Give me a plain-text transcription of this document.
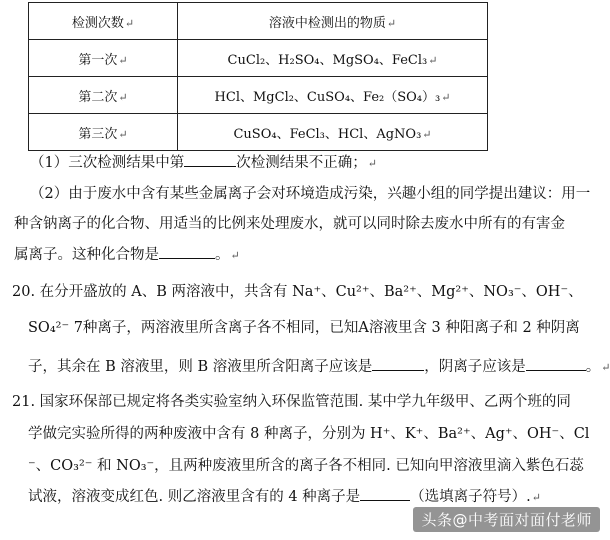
检测次数↵	溶液中检测出的物质↵
第一次↵	CuCl₂、H₂SO₄、MgSO₄、FeCl₃↵
第二次↵	HCl、MgCl₂、CuSO₄、Fe₂（SO₄）₃↵
第三次↵	CuSO₄、FeCl₃、HCl、AgNO₃↵
（1）三次检测结果中第	次检测结果不正确；↵
（2）由于废水中含有某些金属离子会对环境造成污染，兴趣小组的同学提出建议：用一
种含钠离子的化合物、用适当的比例来处理废水，就可以同时除去废水中所有的有害金
属离子。这种化合物是	。↵
20. 在分开盛放的 A、B 两溶液中，共含有 Na⁺、Cu²⁺、Ba²⁺、Mg²⁺、NO₃⁻、OH⁻、
SO₄²⁻ 7种离子，两溶液里所含离子各不相同，已知A溶液里含 3 种阳离子和 2 种阴离
子，其余在 B 溶液里，则 B 溶液里所含阳离子应该是	，阴离子应该是	。↵
21. 国家环保部已规定将各类实验室纳入环保监管范围. 某中学九年级甲、乙两个班的同
学做完实验所得的两种废液中含有 8 种离子，分别为 H⁺、K⁺、Ba²⁺、Ag⁺、OH⁻、Cl
⁻、CO₃²⁻ 和 NO₃⁻，且两种废液里所含的离子各不相同. 已知向甲溶液里滴入紫色石蕊
试液，溶液变成红色. 则乙溶液里含有的 4 种离子是	（选填离子符号）.↵
头条@中考面对面付老师
